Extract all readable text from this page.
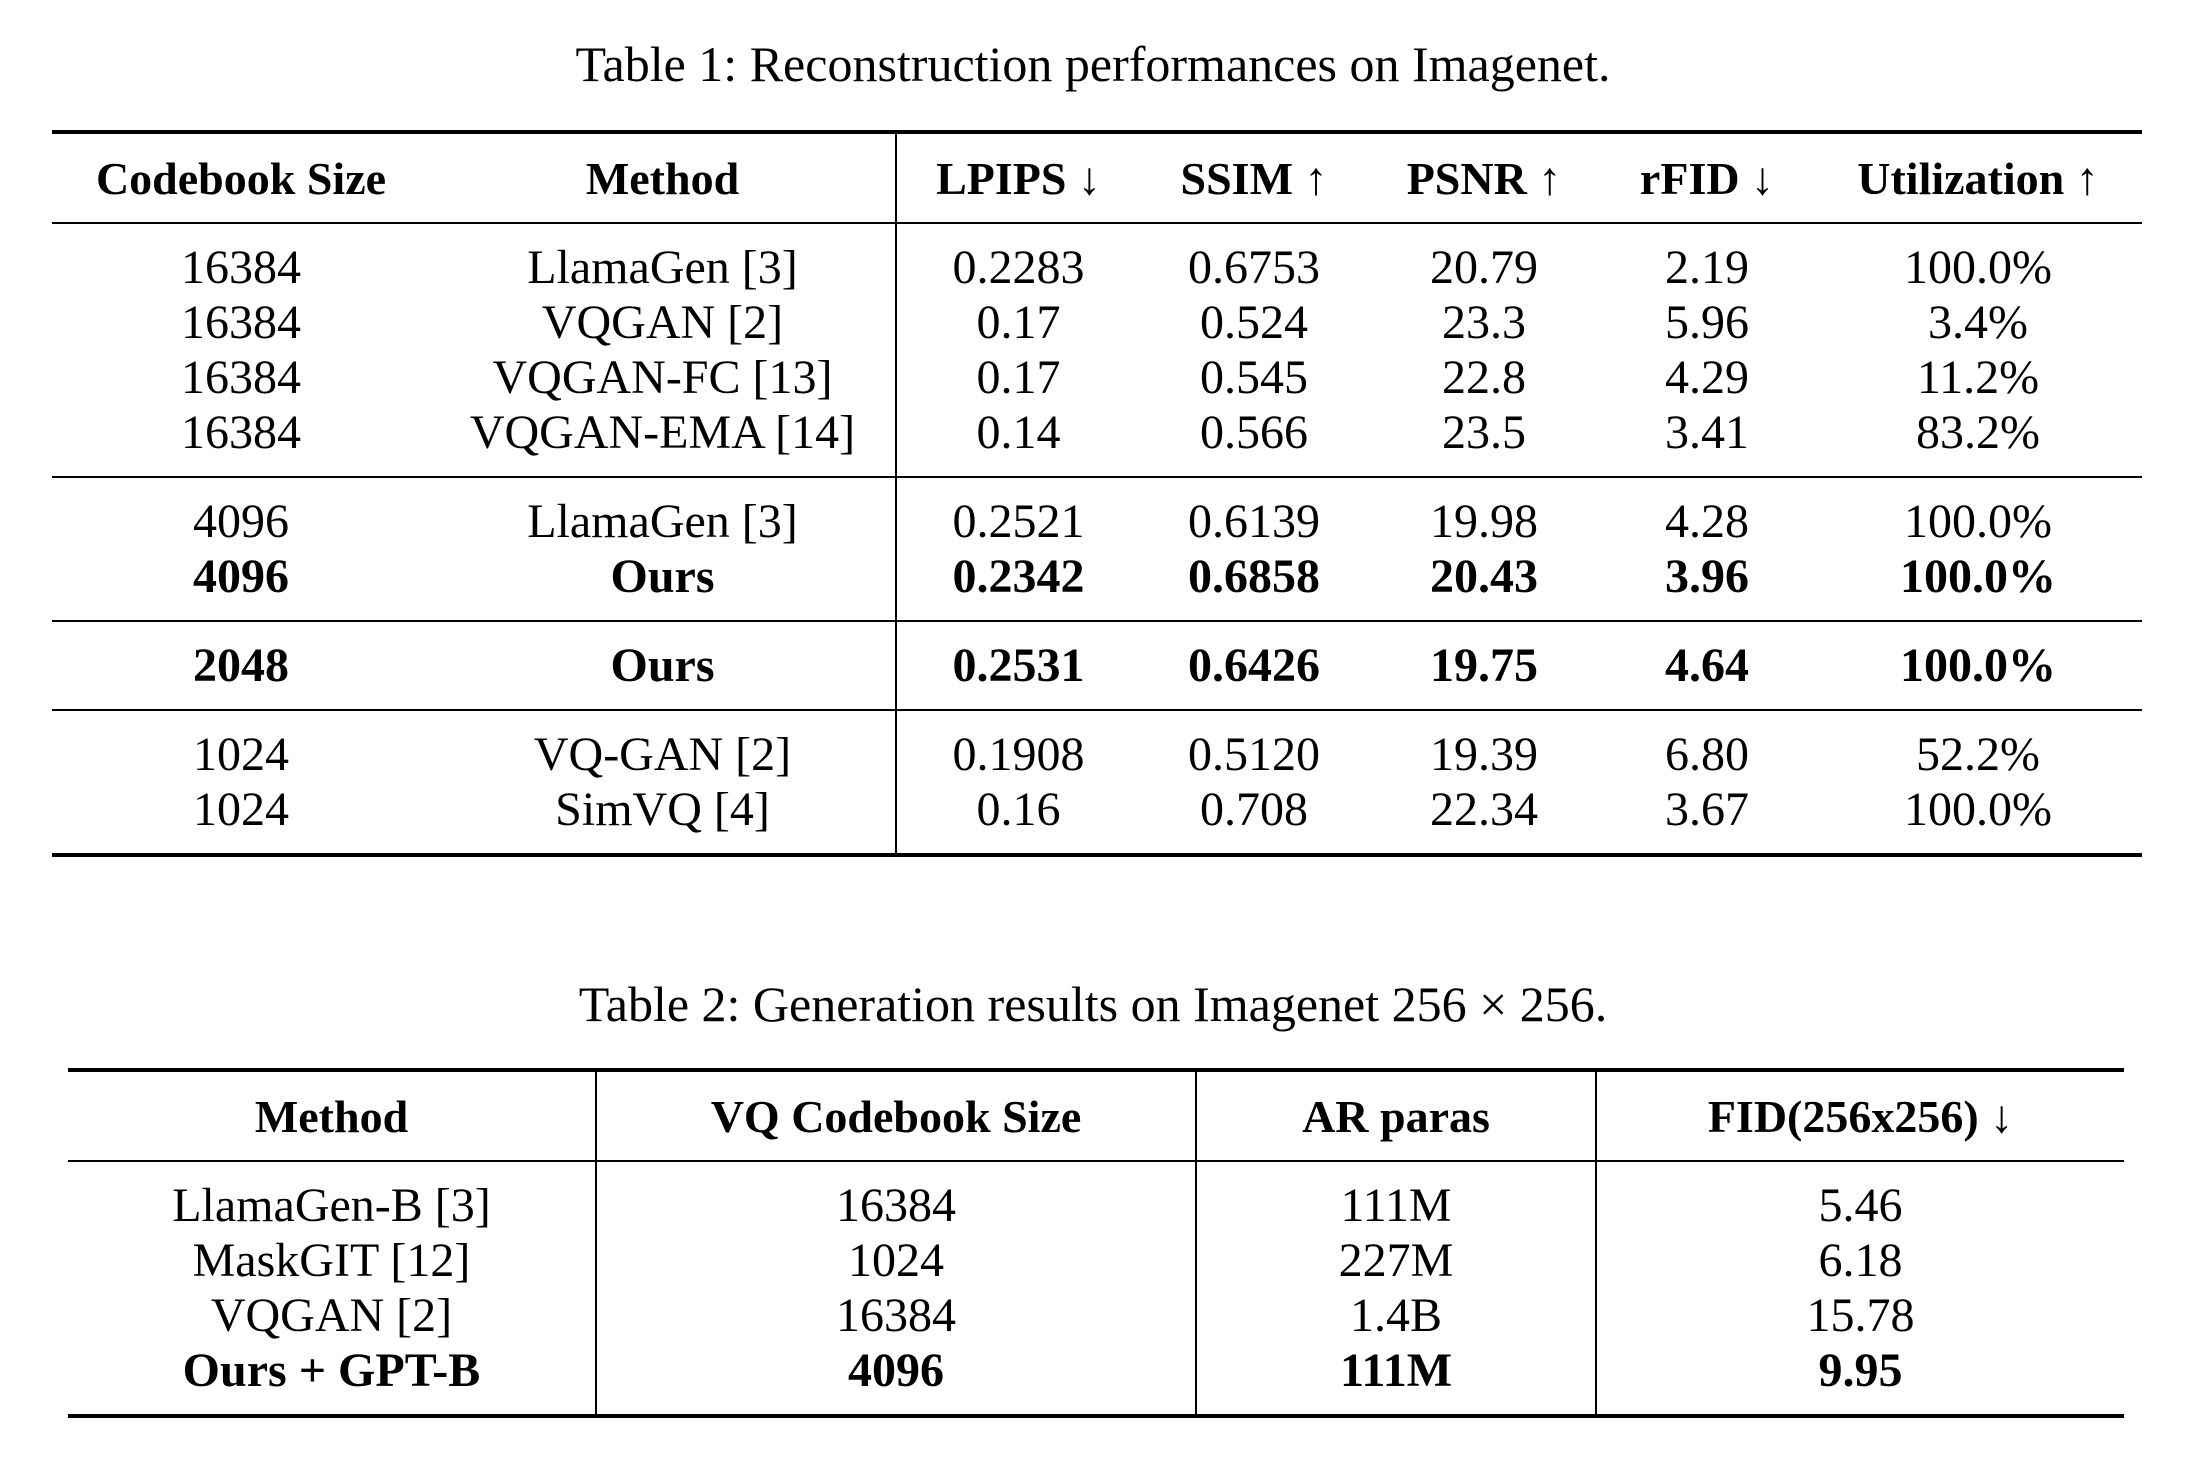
Table 1: Reconstruction performances on Imagenet.
Codebook Size	Method	LPIPS ↓	SSIM ↑	PSNR ↑	rFID ↓	Utilization ↑
16384	LlamaGen [3]	0.2283	0.6753	20.79	2.19	100.0%
16384	VQGAN [2]	0.17	0.524	23.3	5.96	3.4%
16384	VQGAN-FC [13]	0.17	0.545	22.8	4.29	11.2%
16384	VQGAN-EMA [14]	0.14	0.566	23.5	3.41	83.2%
4096	LlamaGen [3]	0.2521	0.6139	19.98	4.28	100.0%
4096	Ours	0.2342	0.6858	20.43	3.96	100.0%
2048	Ours	0.2531	0.6426	19.75	4.64	100.0%
1024	VQ-GAN [2]	0.1908	0.5120	19.39	6.80	52.2%
1024	SimVQ [4]	0.16	0.708	22.34	3.67	100.0%
Table 2: Generation results on Imagenet 256 × 256.
Method	VQ Codebook Size	AR paras	FID(256x256) ↓
LlamaGen-B [3]	16384	111M	5.46
MaskGIT [12]	1024	227M	6.18
VQGAN [2]	16384	1.4B	15.78
Ours + GPT-B	4096	111M	9.95
